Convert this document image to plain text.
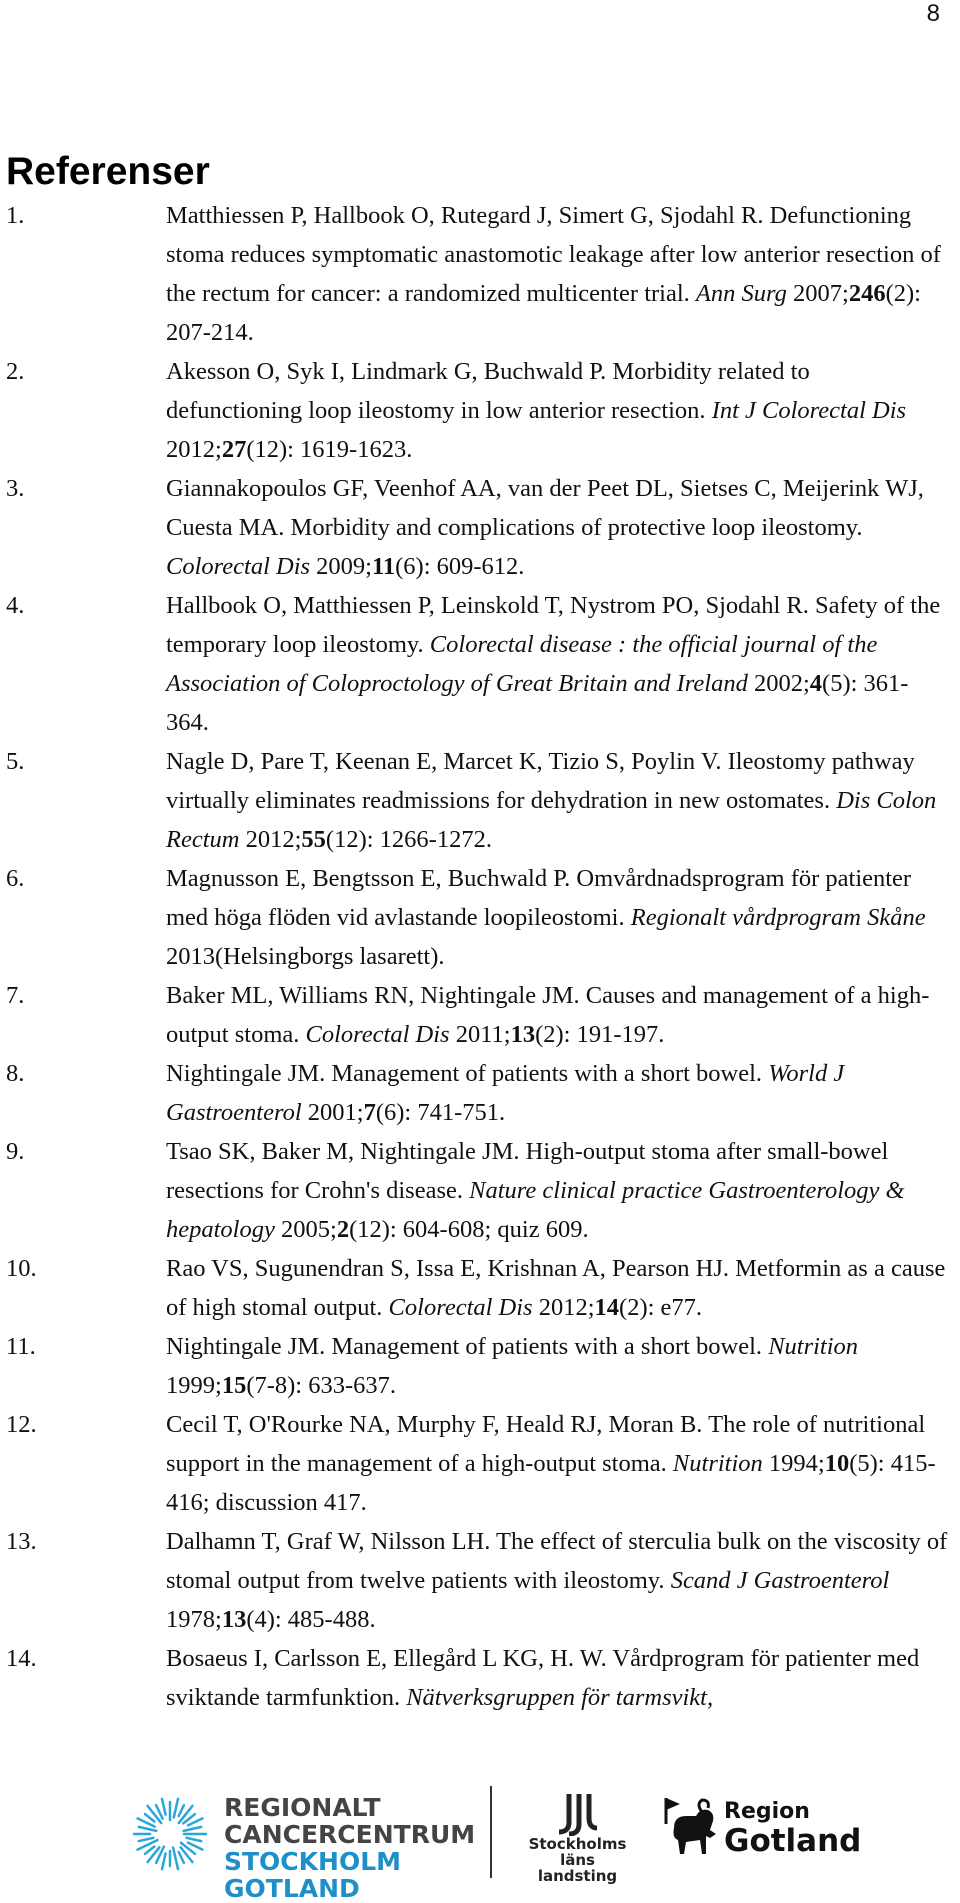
8
Referenser
1.	Matthiessen P, Hallbook O, Rutegard J, Simert G, Sjodahl R. Defunctioning stoma reduces symptomatic anastomotic leakage after low anterior resection of the rectum for cancer: a randomized multicenter trial. Ann Surg 2007;246(2): 207-214.
2.	Akesson O, Syk I, Lindmark G, Buchwald P. Morbidity related to defunctioning loop ileostomy in low anterior resection. Int J Colorectal Dis 2012;27(12): 1619-1623.
3.	Giannakopoulos GF, Veenhof AA, van der Peet DL, Sietses C, Meijerink WJ, Cuesta MA. Morbidity and complications of protective loop ileostomy. Colorectal Dis 2009;11(6): 609-612.
4.	Hallbook O, Matthiessen P, Leinskold T, Nystrom PO, Sjodahl R. Safety of the temporary loop ileostomy. Colorectal disease : the official journal of the Association of Coloproctology of Great Britain and Ireland 2002;4(5): 361-364.
5.	Nagle D, Pare T, Keenan E, Marcet K, Tizio S, Poylin V. Ileostomy pathway virtually eliminates readmissions for dehydration in new ostomates. Dis Colon Rectum 2012;55(12): 1266-1272.
6.	Magnusson E, Bengtsson E, Buchwald P. Omvårdnadsprogram för patienter med höga flöden vid avlastande loopileostomi. Regionalt vårdprogram Skåne 2013(Helsingborgs lasarett).
7.	Baker ML, Williams RN, Nightingale JM. Causes and management of a high-output stoma. Colorectal Dis 2011;13(2): 191-197.
8.	Nightingale JM. Management of patients with a short bowel. World J Gastroenterol 2001;7(6): 741-751.
9.	Tsao SK, Baker M, Nightingale JM. High-output stoma after small-bowel resections for Crohn's disease. Nature clinical practice Gastroenterology & hepatology 2005;2(12): 604-608; quiz 609.
10.	Rao VS, Sugunendran S, Issa E, Krishnan A, Pearson HJ. Metformin as a cause of high stomal output. Colorectal Dis 2012;14(2): e77.
11.	Nightingale JM. Management of patients with a short bowel. Nutrition 1999;15(7-8): 633-637.
12.	Cecil T, O'Rourke NA, Murphy F, Heald RJ, Moran B. The role of nutritional support in the management of a high-output stoma. Nutrition 1994;10(5): 415-416; discussion 417.
13.	Dalhamn T, Graf W, Nilsson LH. The effect of sterculia bulk on the viscosity of stomal output from twelve patients with ileostomy. Scand J Gastroenterol 1978;13(4): 485-488.
14.	Bosaeus I, Carlsson E, Ellegård L KG, H. W. Vårdprogram för patienter med sviktande tarmfunktion. Nätverksgruppen för tarmsvikt,
REGIONALT
CANCERCENTRUM
STOCKHOLM GOTLAND
Stockholms läns
landsting
Region
Gotland
